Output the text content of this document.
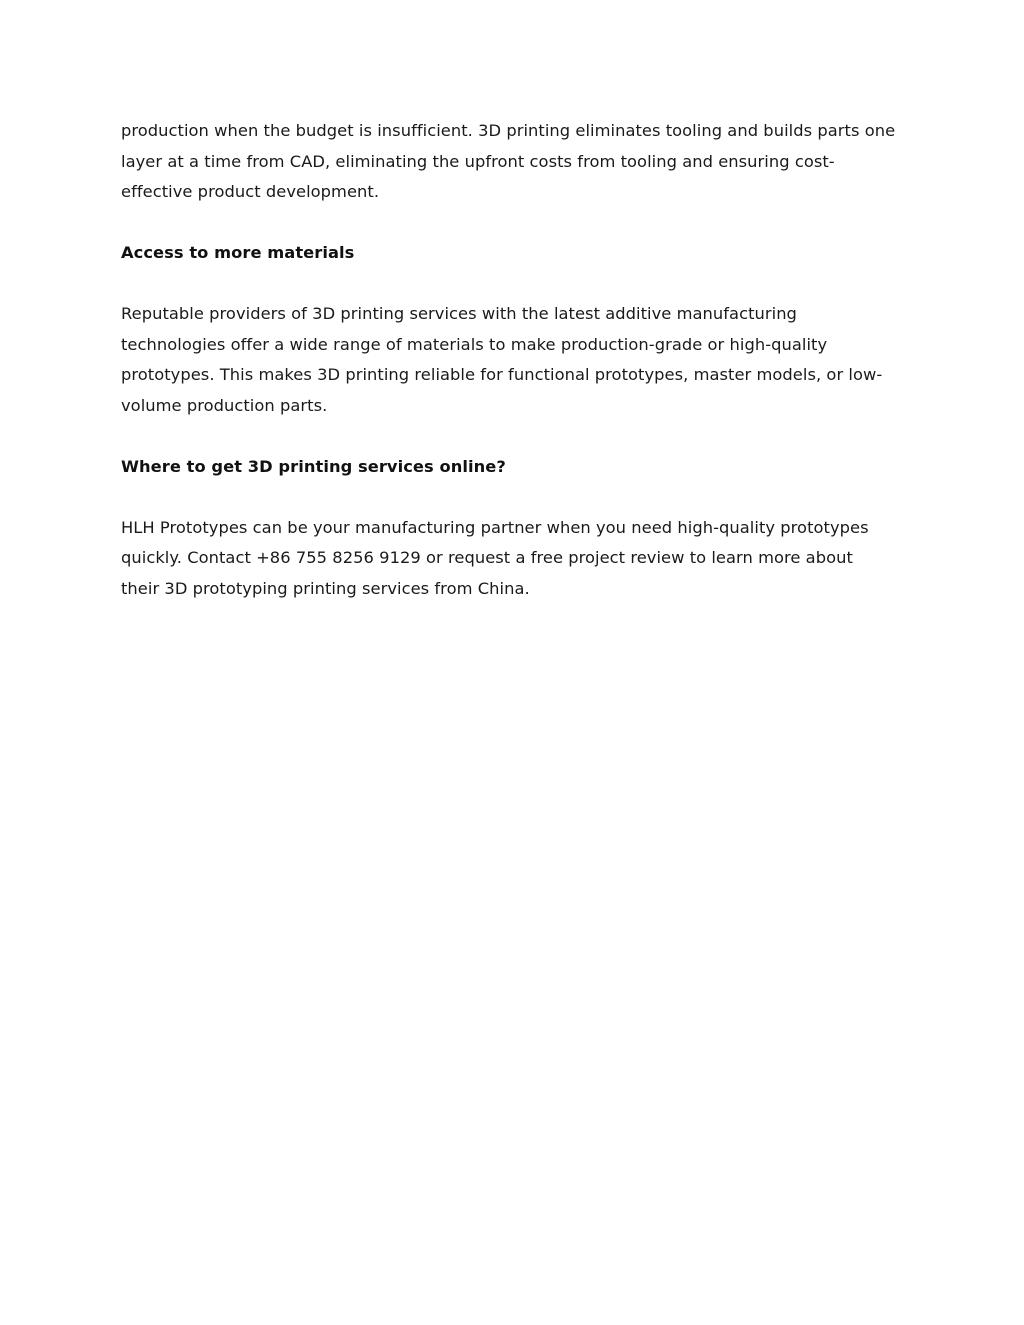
production when the budget is insufficient. 3D printing eliminates tooling and builds parts one layer at a time from CAD, eliminating the upfront costs from tooling and ensuring cost-effective product development.

Access to more materials

Reputable providers of 3D printing services with the latest additive manufacturing technologies offer a wide range of materials to make production-grade or high-quality prototypes. This makes 3D printing reliable for functional prototypes, master models, or low-volume production parts.

Where to get 3D printing services online?

HLH Prototypes can be your manufacturing partner when you need high-quality prototypes quickly. Contact +86 755 8256 9129 or request a free project review to learn more about their 3D prototyping printing services from China.
